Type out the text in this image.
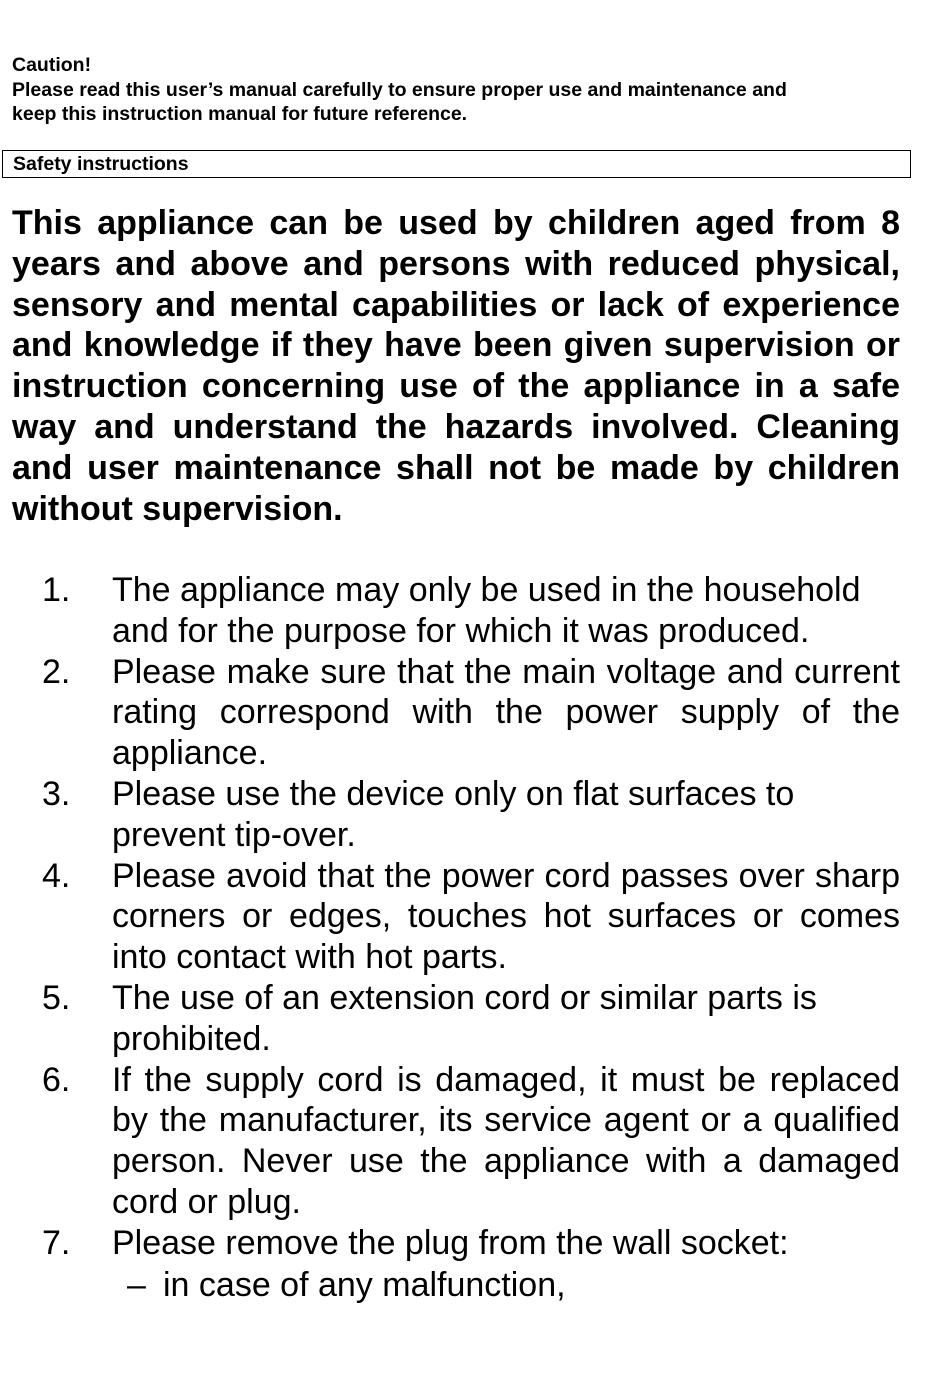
Caution!
Please read this user’s manual carefully to ensure proper use and maintenance and
keep this instruction manual for future reference.
Safety instructions
This appliance can be used by children aged from 8 years and above and persons with reduced physical, sensory and mental capabilities or lack of experience and knowledge if they have been given supervision or instruction concerning use of the appliance in a safe way and understand the hazards involved. Cleaning and user maintenance shall not be made by children without supervision.
1.	The appliance may only be used in the household and for the purpose for which it was produced.
2.	Please make sure that the main voltage and current rating correspond with the power supply of the appliance.
3.	Please use the device only on flat surfaces to prevent tip-over.
4.	Please avoid that the power cord passes over sharp corners or edges, touches hot surfaces or comes into contact with hot parts.
5.	The use of an extension cord or similar parts is prohibited.
6.	If the supply cord is damaged, it must be replaced by the manufacturer, its service agent or a qualified person. Never use the appliance with a damaged cord or plug.
7.	Please remove the plug from the wall socket:
– in case of any malfunction,
